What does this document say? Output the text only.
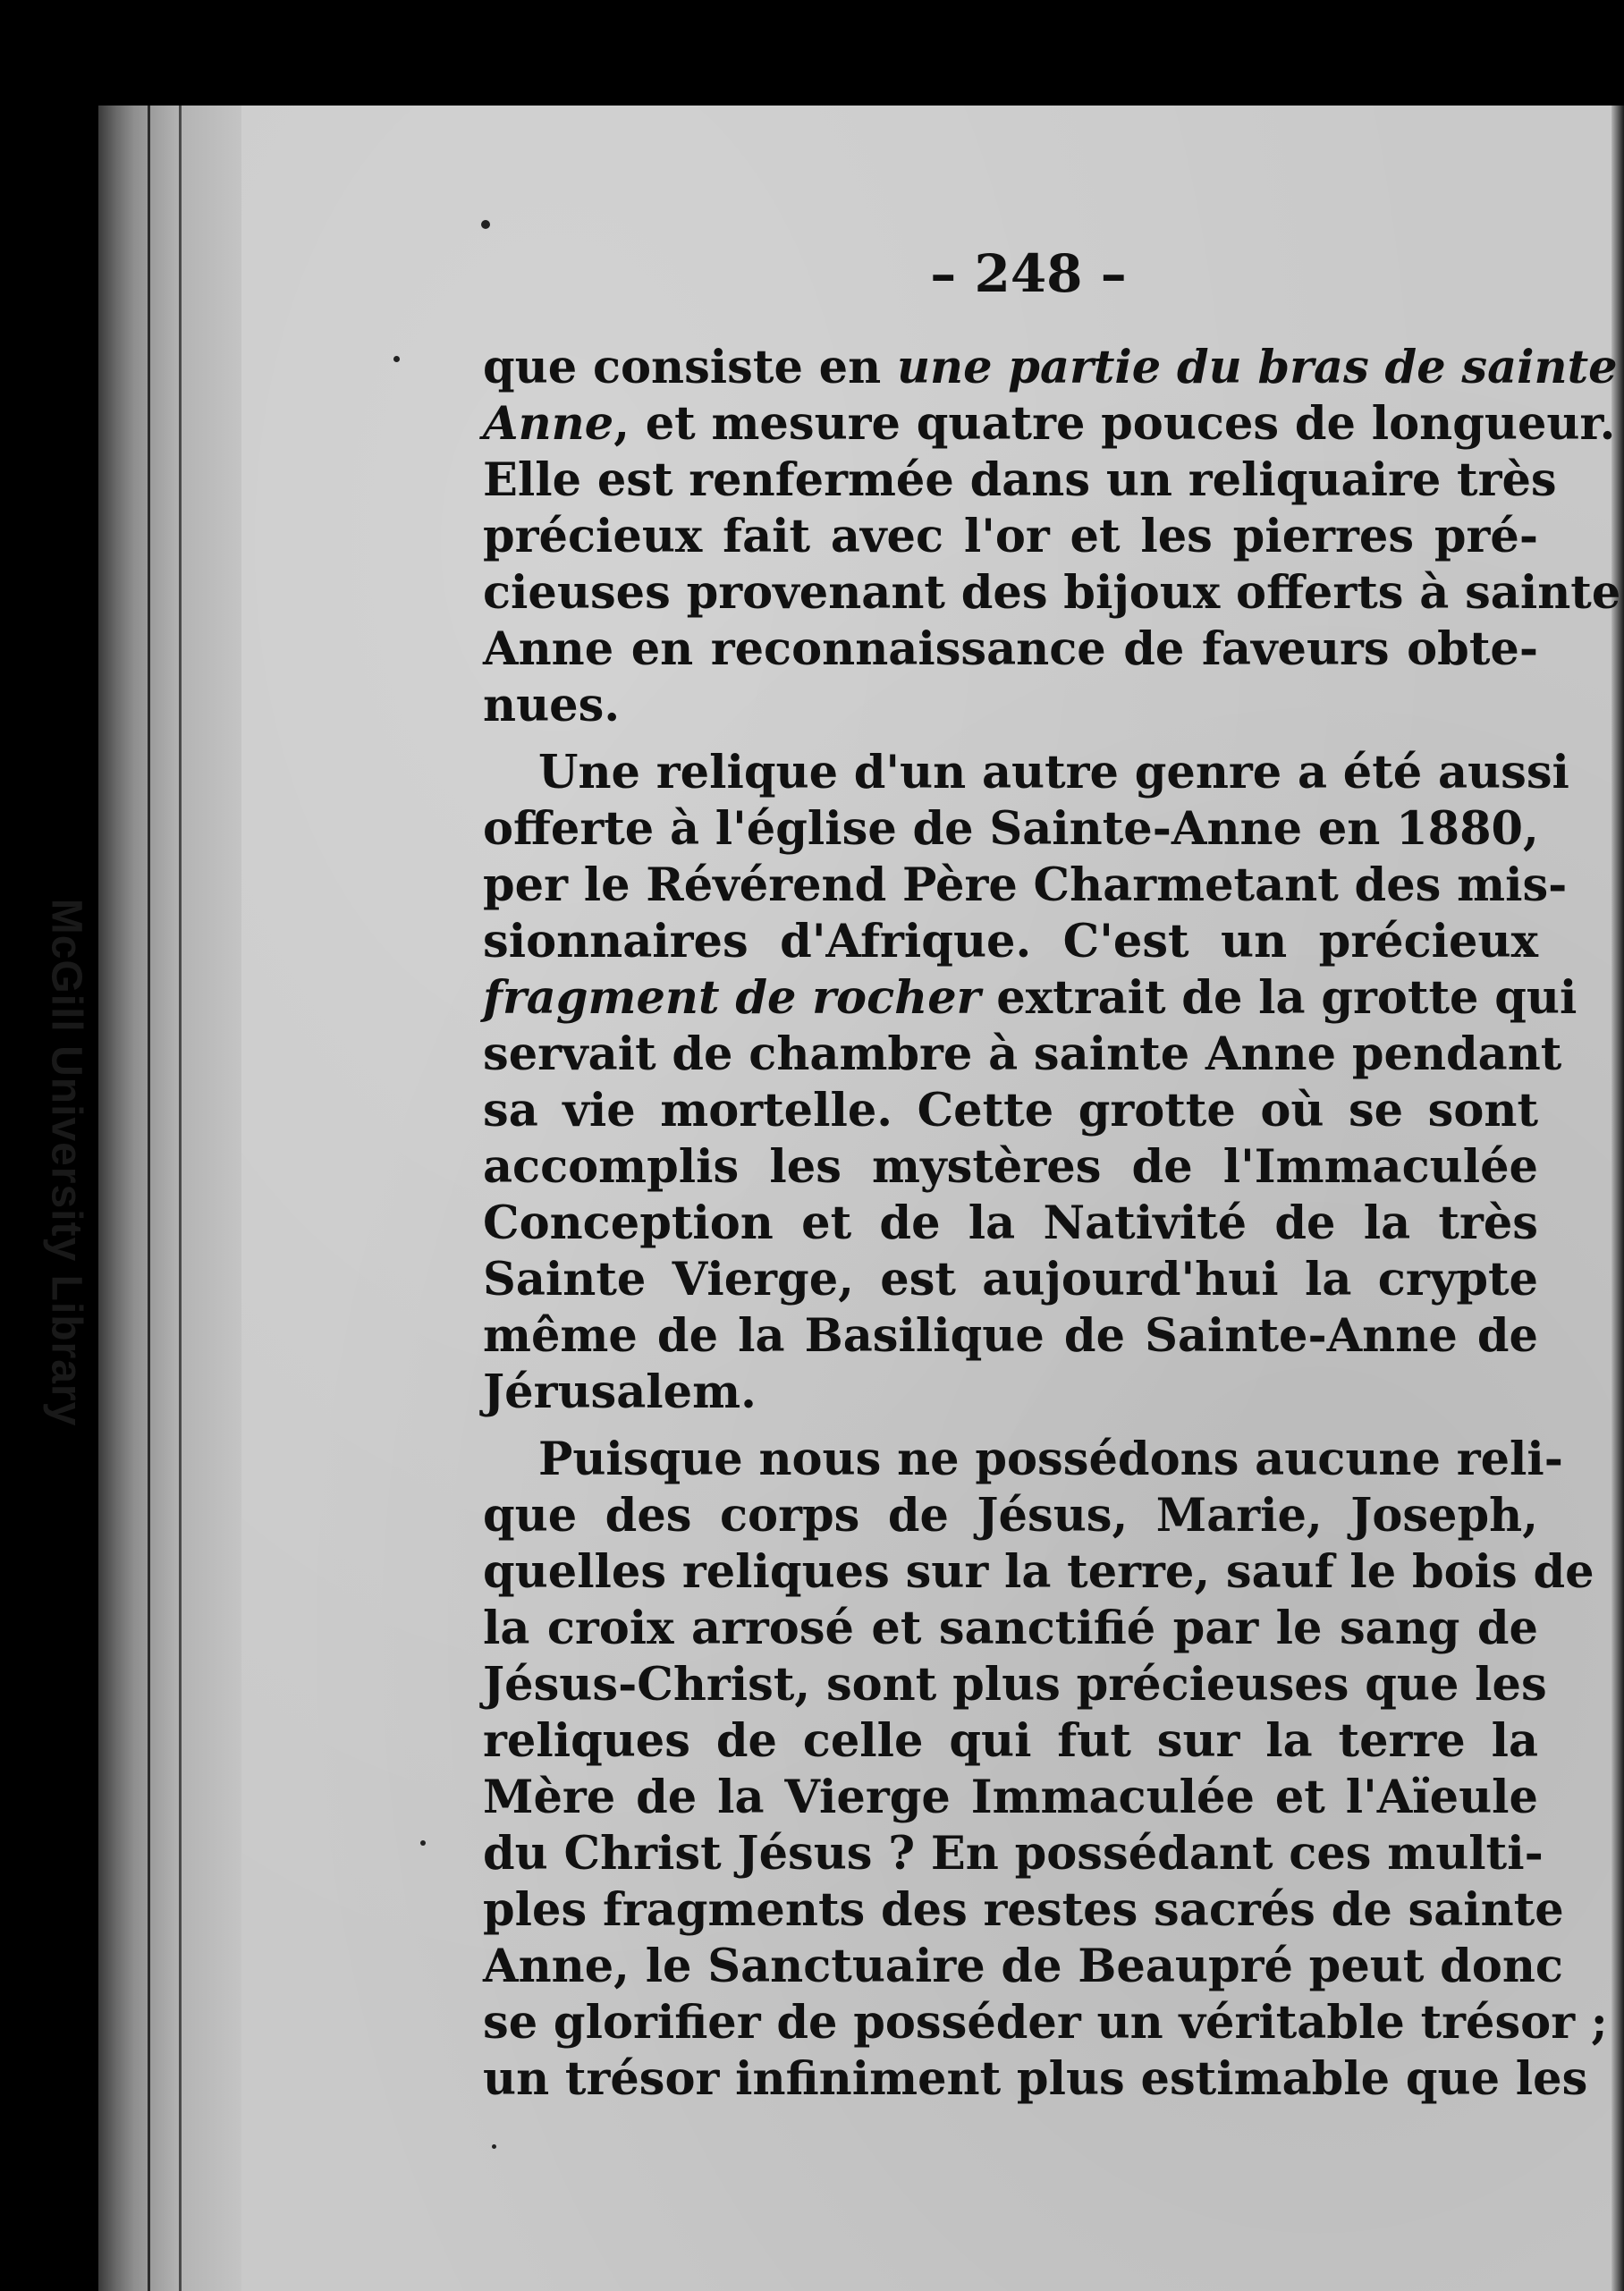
McGill University Library
– 248 –
que consiste en une partie du bras de sainte
Anne, et mesure quatre pouces de longueur.
Elle est renfermée dans un reliquaire très
précieux fait avec l'or et les pierres pré-
cieuses provenant des bijoux offerts à sainte
Anne en reconnaissance de faveurs obte-
nues.
Une relique d'un autre genre a été aussi
offerte à l'église de Sainte-Anne en 1880,
per le Révérend Père Charmetant des mis-
sionnaires d'Afrique. C'est un précieux
fragment de rocher extrait de la grotte qui
servait de chambre à sainte Anne pendant
sa vie mortelle. Cette grotte où se sont
accomplis les mystères de l'Immaculée
Conception et de la Nativité de la très
Sainte Vierge, est aujourd'hui la crypte
même de la Basilique de Sainte-Anne de
Jérusalem.
Puisque nous ne possédons aucune reli-
que des corps de Jésus, Marie, Joseph,
quelles reliques sur la terre, sauf le bois de
la croix arrosé et sanctifié par le sang de
Jésus-Christ, sont plus précieuses que les
reliques de celle qui fut sur la terre la
Mère de la Vierge Immaculée et l'Aïeule
du Christ Jésus ? En possédant ces multi-
ples fragments des restes sacrés de sainte
Anne, le Sanctuaire de Beaupré peut donc
se glorifier de posséder un véritable trésor ;
un trésor infiniment plus estimable que les
